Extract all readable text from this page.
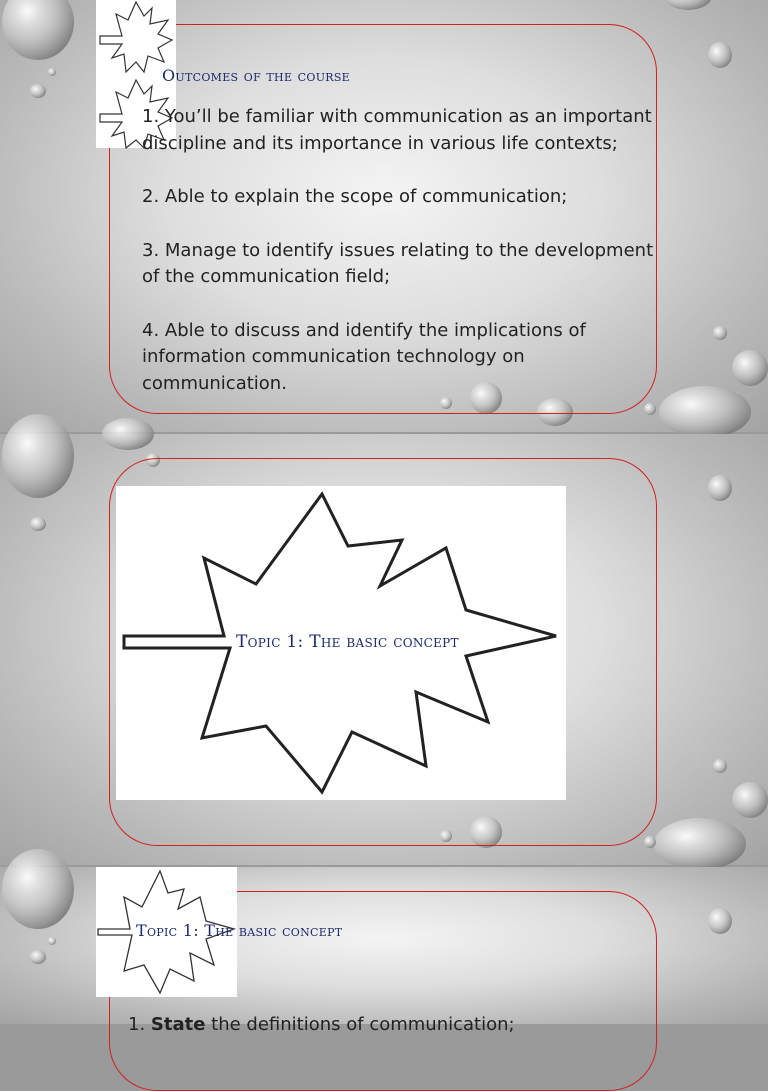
Outcomes of the course

1. You’ll be familiar with communication as an important discipline and its importance in various life contexts;

2. Able to explain the scope of communication;

3. Manage to identify issues relating to the development of the communication field;

4. Able to discuss and identify the implications of information communication technology on communication.

Topic 1: The basic concept
Topic 1: The basic concept
1. State the definitions of communication;
